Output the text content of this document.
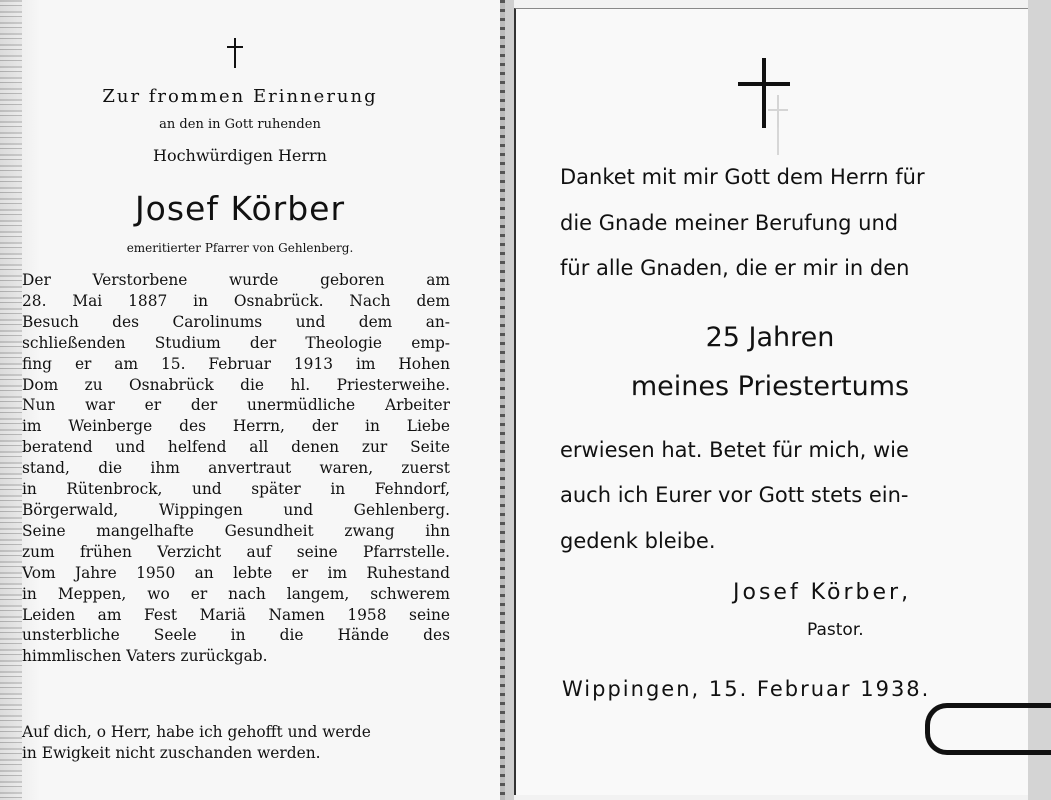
Zur frommen Erinnerung
an den in Gott ruhenden
Hochwürdigen Herrn
Josef Körber
emeritierter Pfarrer von Gehlenberg.
Der Verstorbene wurde geboren am
28. Mai 1887 in Osnabrück. Nach dem
Besuch des Carolinums und dem an-
schließenden Studium der Theologie emp-
fing er am 15. Februar 1913 im Hohen
Dom zu Osnabrück die hl. Priesterweihe.
Nun war er der unermüdliche Arbeiter
im Weinberge des Herrn, der in Liebe
beratend und helfend all denen zur Seite
stand, die ihm anvertraut waren, zuerst
in Rütenbrock, und später in Fehndorf,
Börgerwald, Wippingen und Gehlenberg.
Seine mangelhafte Gesundheit zwang ihn
zum frühen Verzicht auf seine Pfarrstelle.
Vom Jahre 1950 an lebte er im Ruhestand
in Meppen, wo er nach langem, schwerem
Leiden am Fest Mariä Namen 1958 seine
unsterbliche Seele in die Hände des
himmlischen Vaters zurückgab.
Auf dich, o Herr, habe ich gehofft und werde
in Ewigkeit nicht zuschanden werden.
Danket mit mir Gott dem Herrn für
die Gnade meiner Berufung und
für alle Gnaden, die er mir in den
25 Jahren
meines Priestertums
erwiesen hat. Betet für mich, wie
auch ich Eurer vor Gott stets ein-
gedenk bleibe.
Josef Körber,
Pastor.
Wippingen, 15. Februar 1938.
